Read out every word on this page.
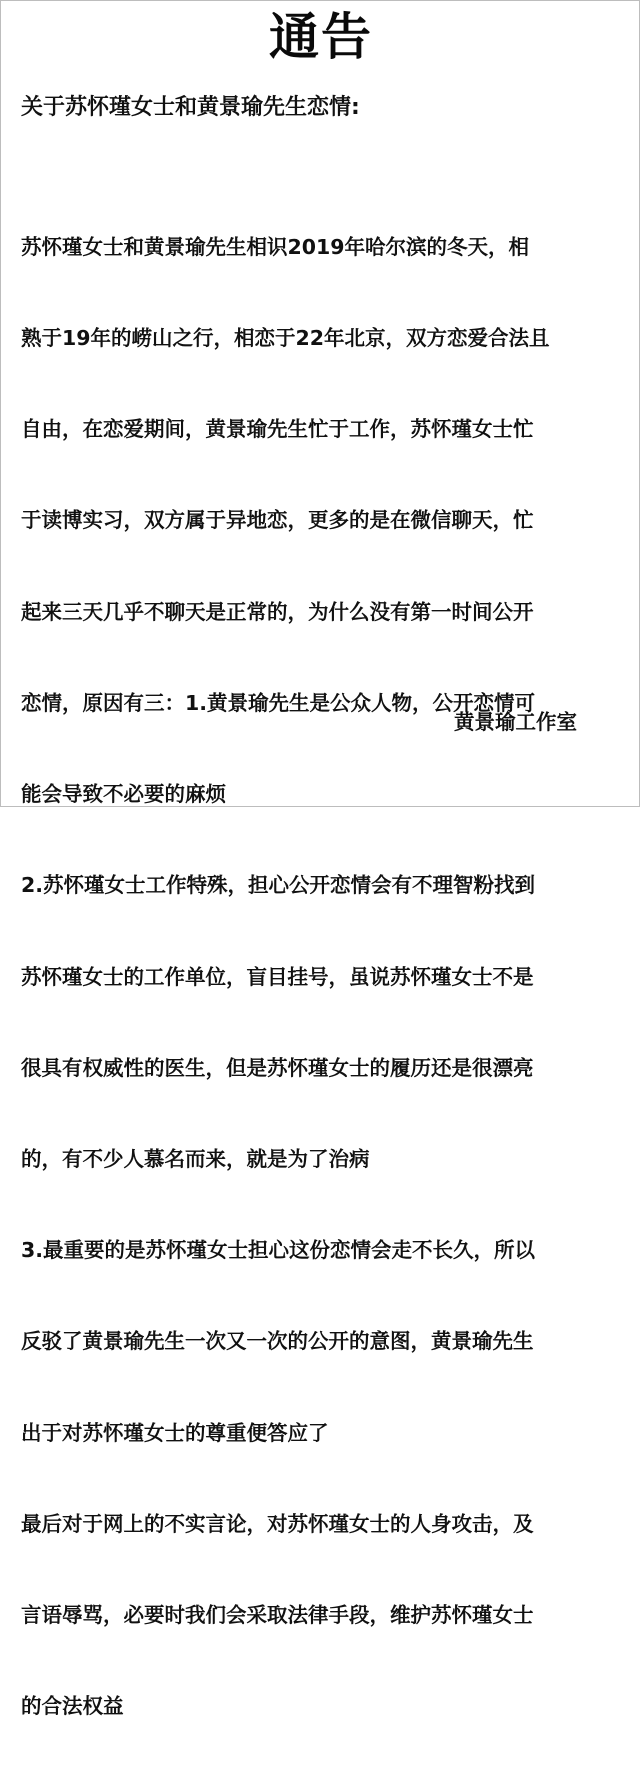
通告
关于苏怀瑾女士和黄景瑜先生恋情:

苏怀瑾女士和黄景瑜先生相识2019年哈尔滨的冬天，相

熟于19年的崂山之行，相恋于22年北京，双方恋爱合法且

自由，在恋爱期间，黄景瑜先生忙于工作，苏怀瑾女士忙

于读博实习，双方属于异地恋，更多的是在微信聊天，忙

起来三天几乎不聊天是正常的，为什么没有第一时间公开

恋情，原因有三：1.黄景瑜先生是公众人物，公开恋情可

能会导致不必要的麻烦

2.苏怀瑾女士工作特殊，担心公开恋情会有不理智粉找到

苏怀瑾女士的工作单位，盲目挂号，虽说苏怀瑾女士不是

很具有权威性的医生，但是苏怀瑾女士的履历还是很漂亮

的，有不少人慕名而来，就是为了治病

3.最重要的是苏怀瑾女士担心这份恋情会走不长久，所以

反驳了黄景瑜先生一次又一次的公开的意图，黄景瑜先生

出于对苏怀瑾女士的尊重便答应了

最后对于网上的不实言论，对苏怀瑾女士的人身攻击，及

言语辱骂，必要时我们会采取法律手段，维护苏怀瑾女士

的合法权益

黄景瑜工作室
